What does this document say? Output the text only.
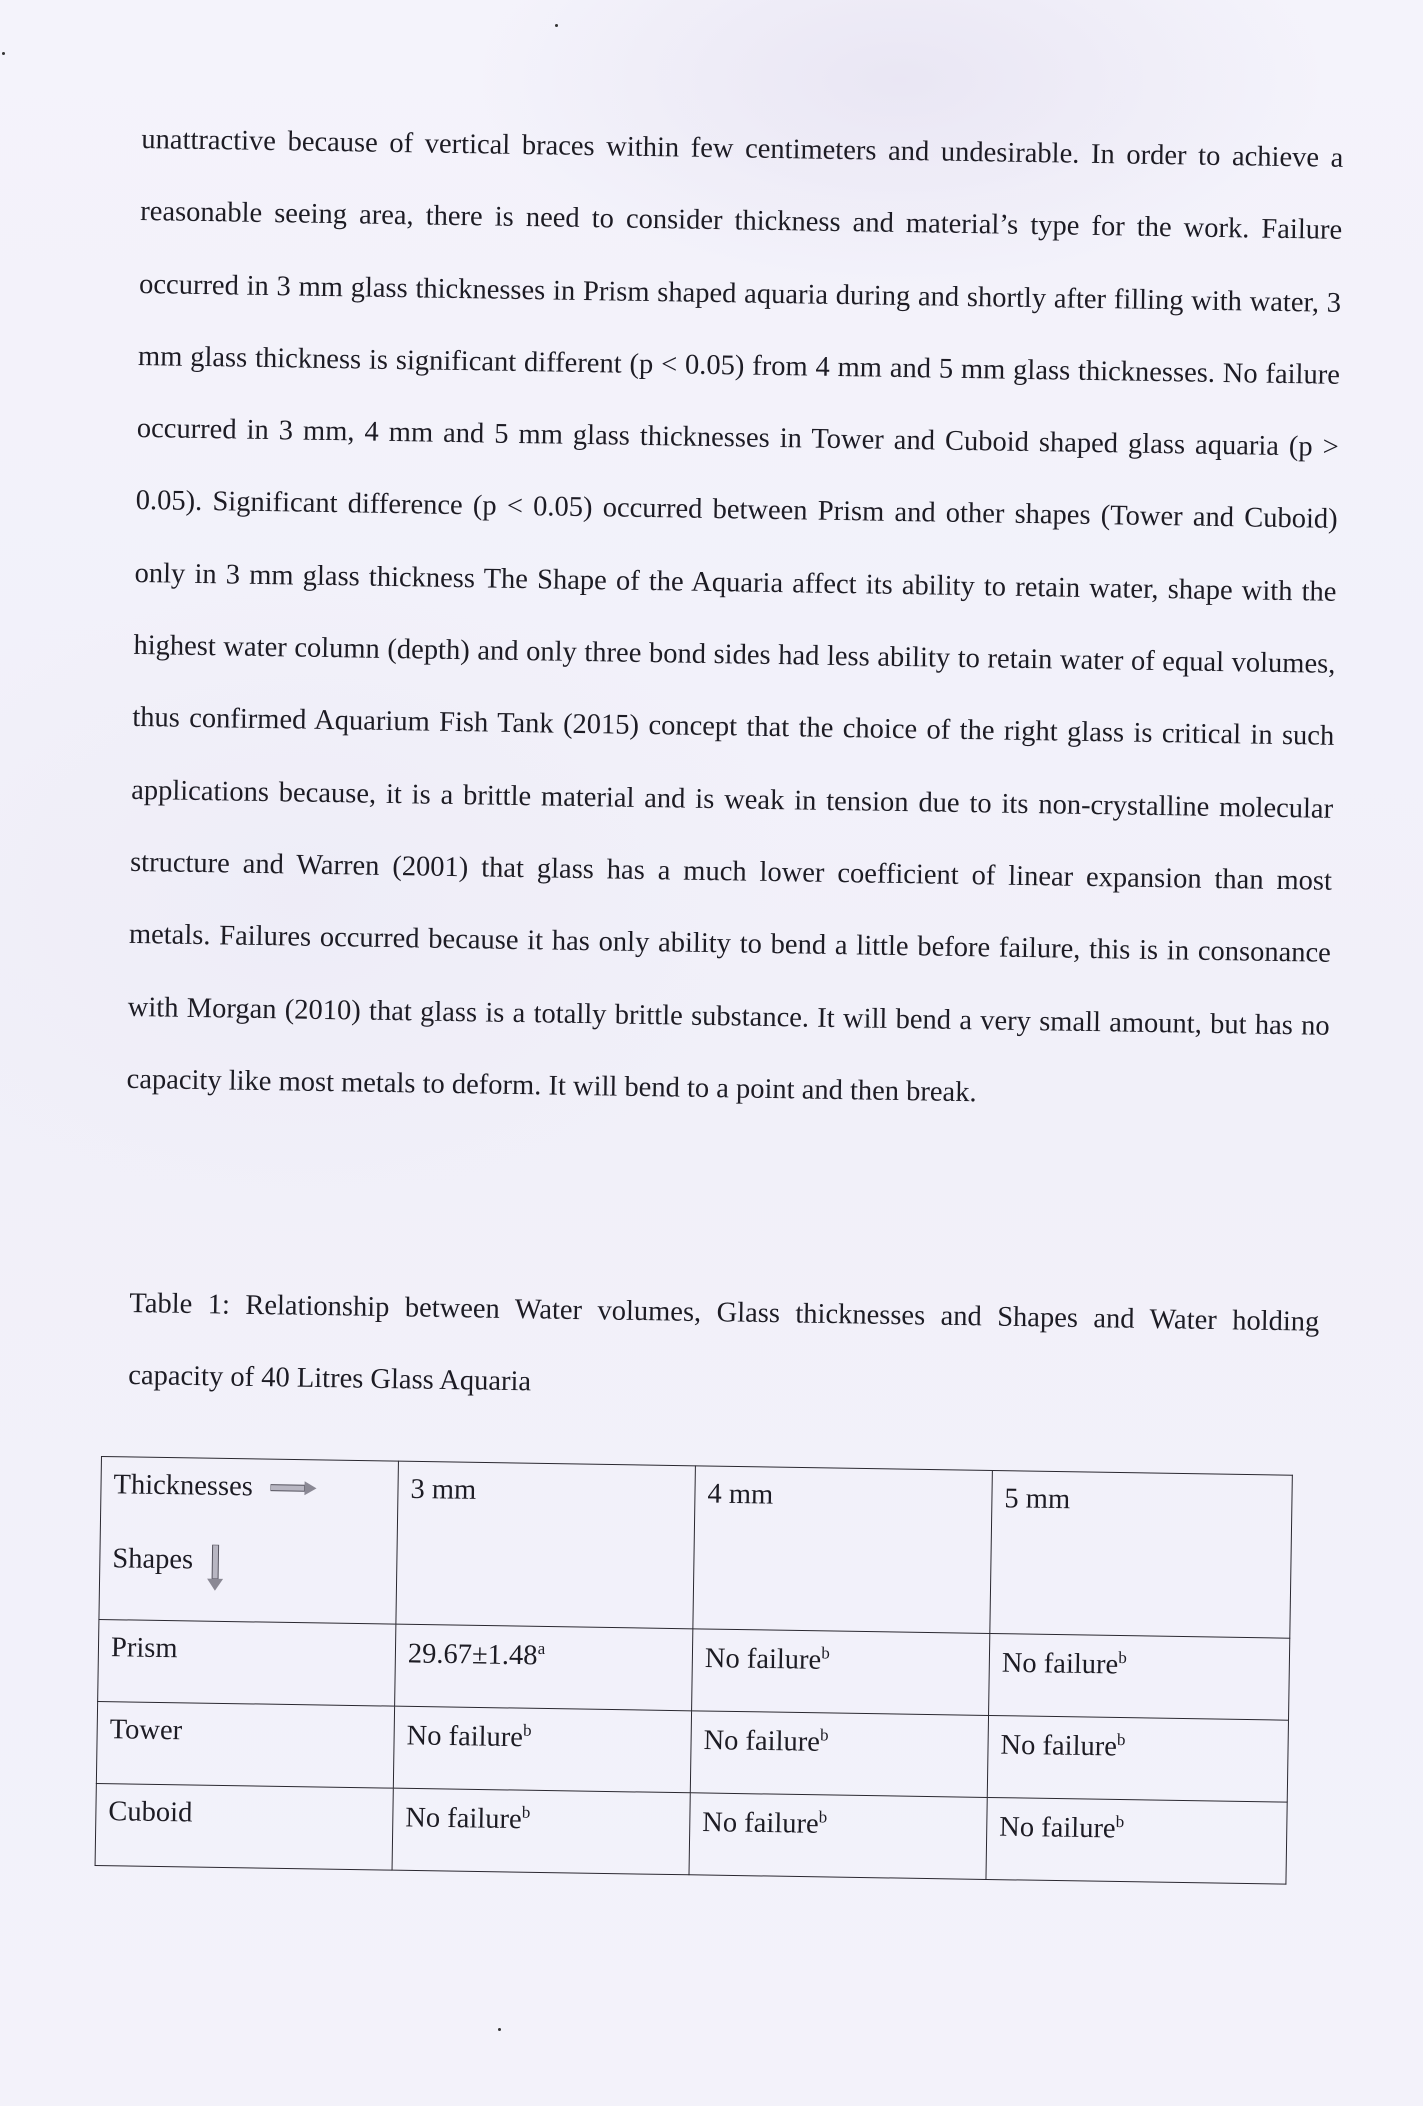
unattractive because of vertical braces within few centimeters and undesirable. In order to achieve a reasonable seeing area, there is need to consider thickness and material’s type for the work. Failure occurred in 3 mm glass thicknesses in Prism shaped aquaria during and shortly after filling with water, 3 mm glass thickness is significant different (p < 0.05) from 4 mm and 5 mm glass thicknesses. No failure occurred in 3 mm, 4 mm and 5 mm glass thicknesses in Tower and Cuboid shaped glass aquaria (p > 0.05). Significant difference (p < 0.05) occurred between Prism and other shapes (Tower and Cuboid) only in 3 mm glass thickness The Shape of the Aquaria affect its ability to retain water, shape with the highest water column (depth) and only three bond sides had less ability to retain water of equal volumes, thus confirmed Aquarium Fish Tank (2015) concept that the choice of the right glass is critical in such applications because, it is a brittle material and is weak in tension due to its non-crystalline molecular structure and Warren (2001) that glass has a much lower coefficient of linear expansion than most metals. Failures occurred because it has only ability to bend a little before failure, this is in consonance with Morgan (2010) that glass is a totally brittle substance. It will bend a very small amount, but has no capacity like most metals to deform. It will bend to a point and then break.
Table 1: Relationship between Water volumes, Glass thicknesses and Shapes and Water holding capacity of 40 Litres Glass Aquaria
Thicknesses
Shapes	3 mm	4 mm	5 mm
Prism	29.67±1.48$^a$	No failure$^b$	No failure$^b$
Tower	No failure$^b$	No failure$^b$	No failure$^b$
Cuboid	No failure$^b$	No failure$^b$	No failure$^b$
